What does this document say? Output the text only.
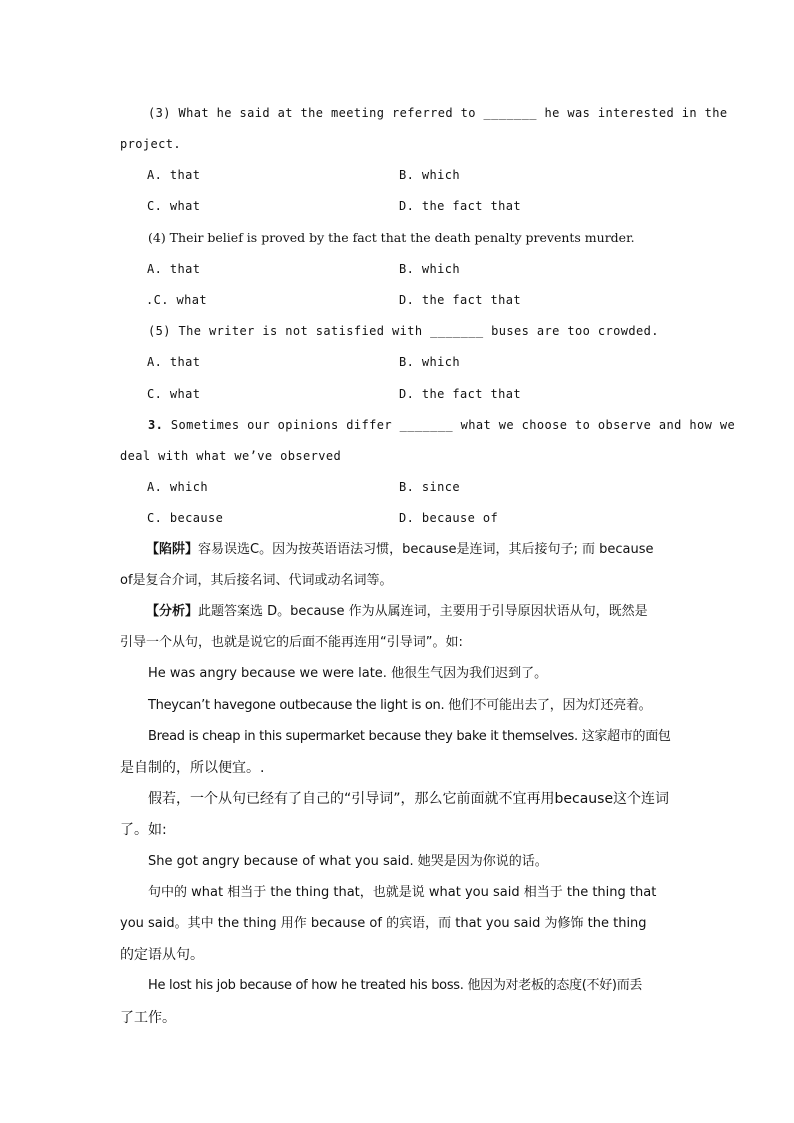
(3) What he said at the meeting referred to _______ he was interested in the
project.
A. that	B. which
C. what	D. the fact that
(4) Their belief is proved by the fact that the death penalty prevents murder.
A. that	B. which
.C. what	D. the fact that
(5) The writer is not satisfied with _______ buses are too crowded.
A. that	B. which
C. what	D. the fact that
3. Sometimes our opinions differ _______ what we choose to observe and how we
deal with what we’ve observed
A. which	B. since
C. because	D. because of
【陷阱】容易误选C。因为按英语语法习惯，because是连词，其后接句子; 而 because
of是复合介词，其后接名词、代词或动名词等。
【分析】此题答案选 D。because 作为从属连词，主要用于引导原因状语从句，既然是
引导一个从句，也就是说它的后面不能再连用“引导词”。如:
He was angry because we were late. 他很生气因为我们迟到了。
Theycan’t havegone outbecause the light is on. 他们不可能出去了，因为灯还亮着。
Bread is cheap in this supermarket because they bake it themselves. 这家超市的面包
是自制的，所以便宜。.
假若，一个从句已经有了自己的“引导词”，那么它前面就不宜再用because这个连词
了。如:
She got angry because of what you said. 她哭是因为你说的话。
句中的 what 相当于 the thing that，也就是说 what you said 相当于 the thing that
you said。其中 the thing 用作 because of 的宾语，而 that you said 为修饰 the thing
的定语从句。
He lost his job because of how he treated his boss. 他因为对老板的态度(不好)而丢
了工作。
